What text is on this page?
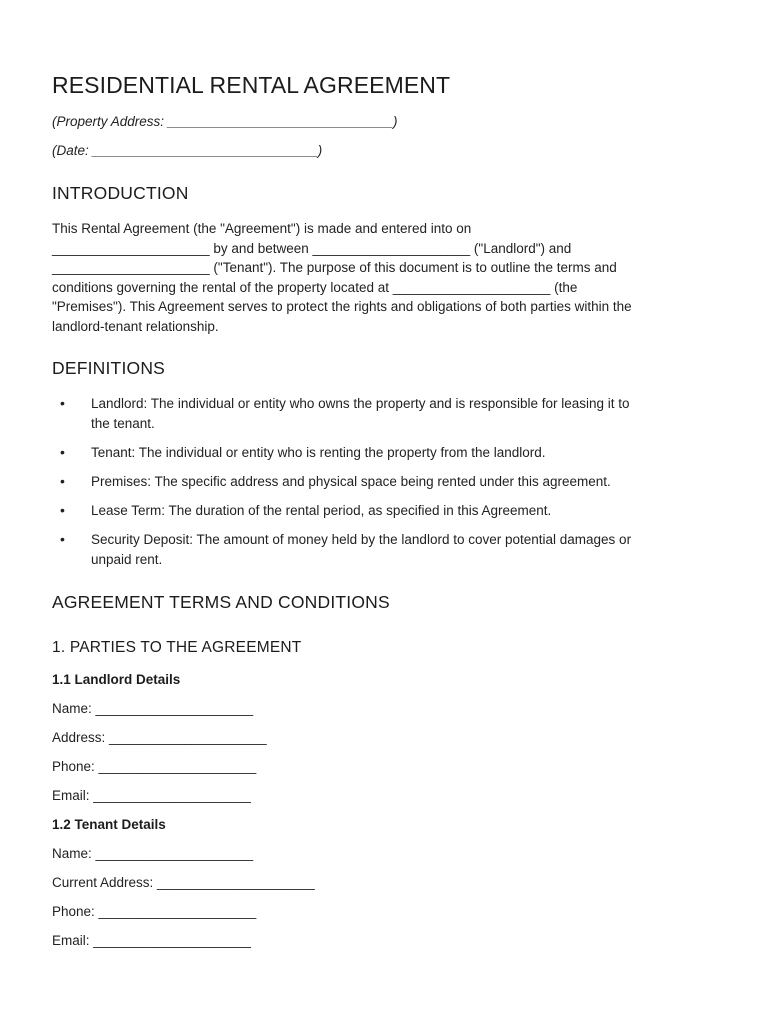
RESIDENTIAL RENTAL AGREEMENT
(Property Address: ______________________________)
(Date: ______________________________)
INTRODUCTION
This Rental Agreement (the "Agreement") is made and entered into on
_____________________ by and between _____________________ ("Landlord") and
_____________________ ("Tenant"). The purpose of this document is to outline the terms and
conditions governing the rental of the property located at _____________________ (the
"Premises"). This Agreement serves to protect the rights and obligations of both parties within the
landlord-tenant relationship.
DEFINITIONS
• Landlord: The individual or entity who owns the property and is responsible for leasing it to
the tenant.
• Tenant: The individual or entity who is renting the property from the landlord.
• Premises: The specific address and physical space being rented under this agreement.
• Lease Term: The duration of the rental period, as specified in this Agreement.
• Security Deposit: The amount of money held by the landlord to cover potential damages or
unpaid rent.
AGREEMENT TERMS AND CONDITIONS
1. PARTIES TO THE AGREEMENT
1.1 Landlord Details
Name: _____________________
Address: _____________________
Phone: _____________________
Email: _____________________
1.2 Tenant Details
Name: _____________________
Current Address: _____________________
Phone: _____________________
Email: _____________________
